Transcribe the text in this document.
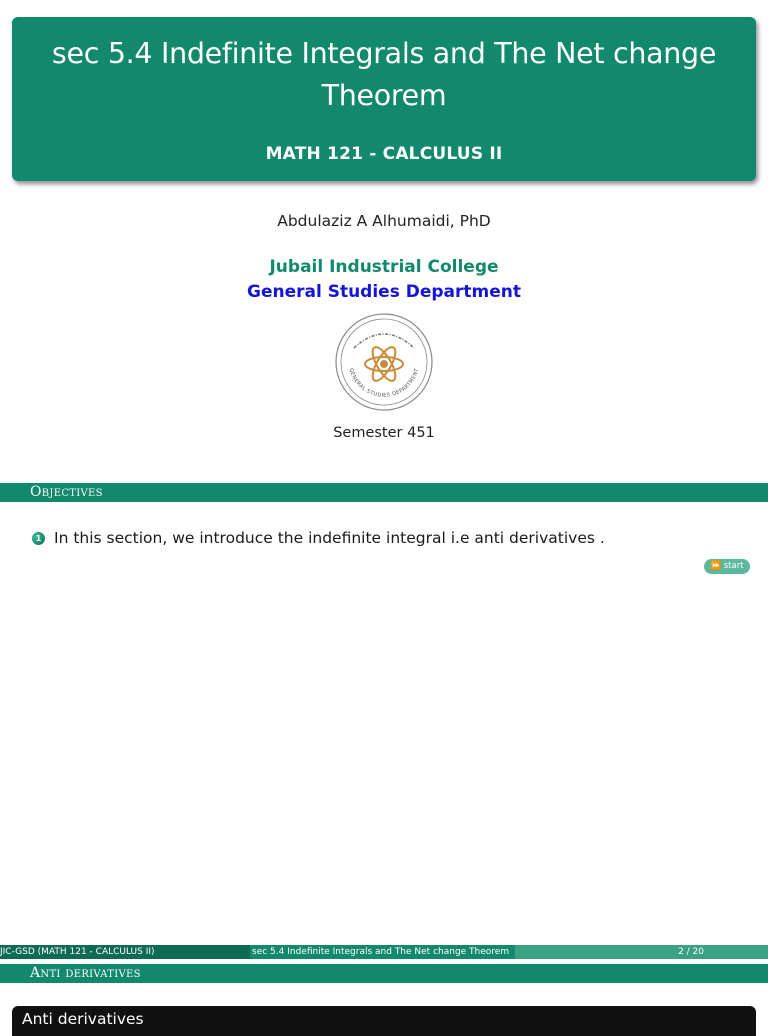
sec 5.4 Indefinite Integrals and The Net change Theorem
MATH 121 - CALCULUS II
Abdulaziz A Alhumaidi, PhD
Jubail Industrial College
General Studies Department
GENERAL STUDIES DEPARTMENT
Semester 451
Objectives
1 In this section, we introduce the indefinite integral i.e anti derivatives .
⏩ start
JIC-GSD (MATH 121 - CALCULUS II)	sec 5.4 Indefinite Integrals and The Net change Theorem	2 / 20
Anti derivatives
Anti derivatives
